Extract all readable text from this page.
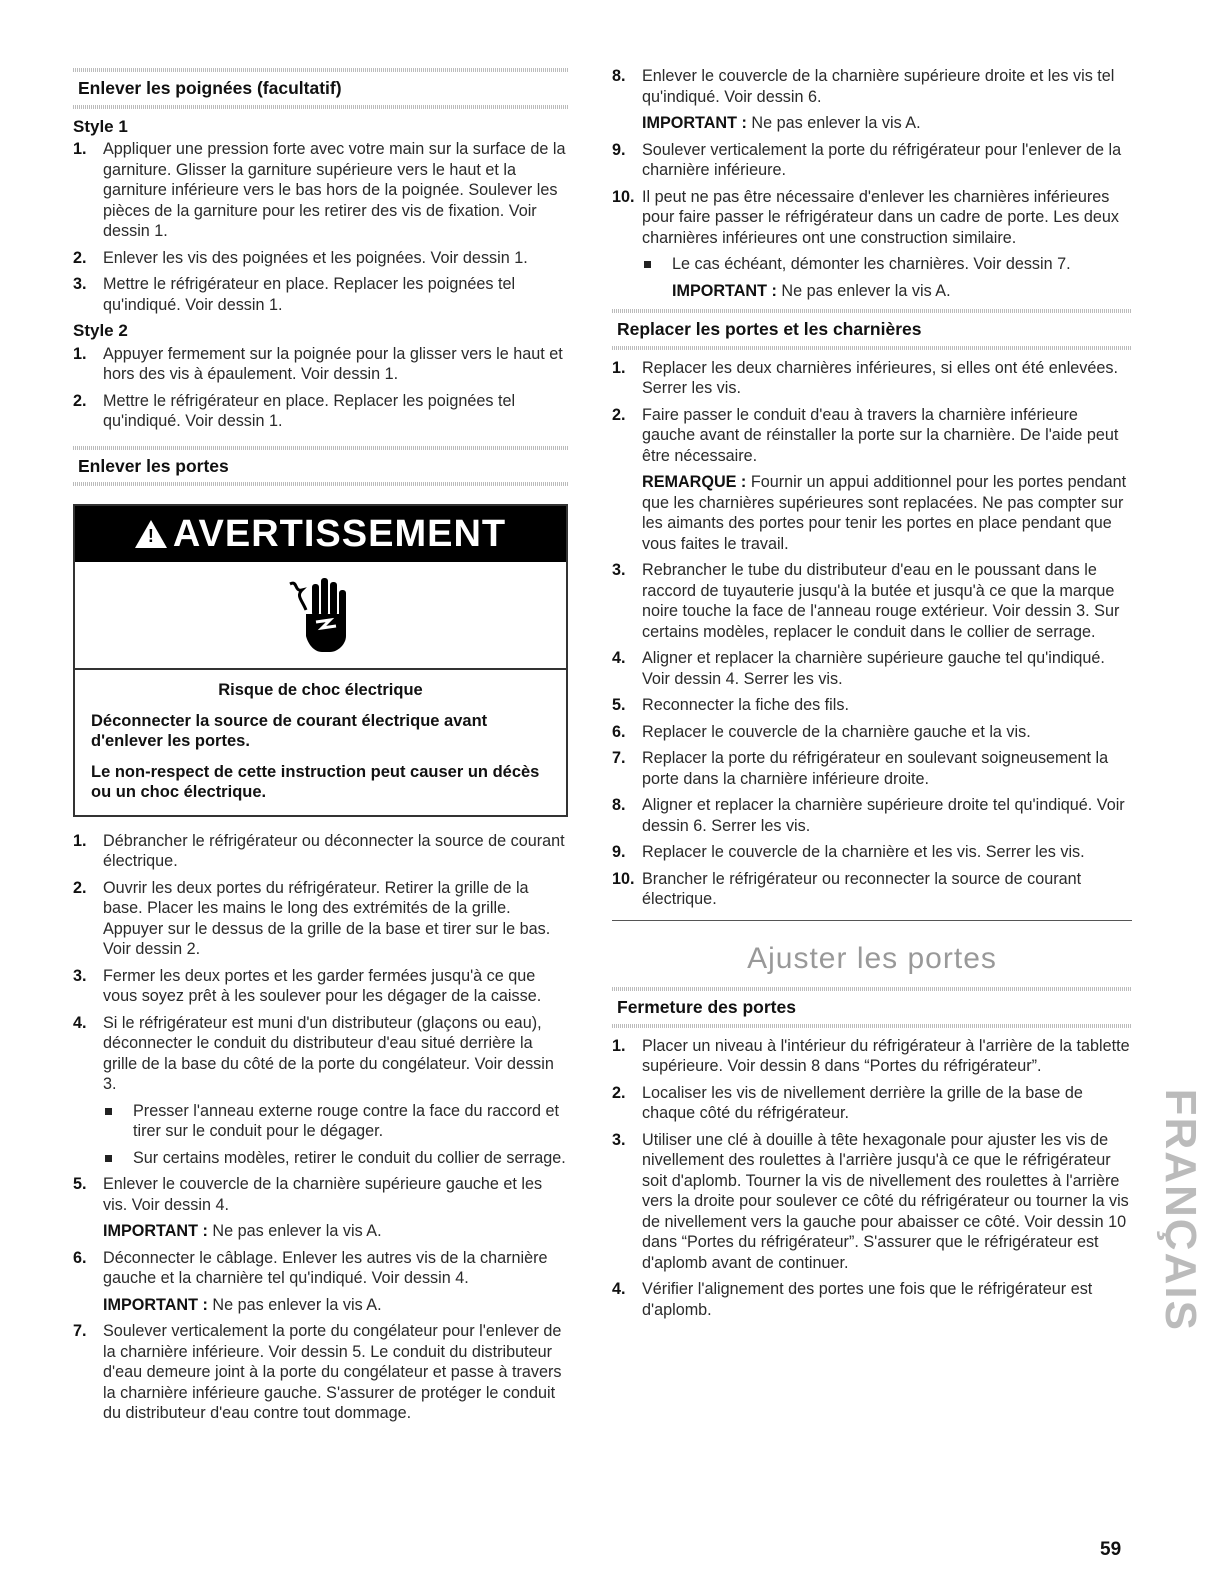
Enlever les poignées (facultatif)
Style 1
1. Appliquer une pression forte avec votre main sur la surface de la garniture. Glisser la garniture supérieure vers le haut et la garniture inférieure vers le bas hors de la poignée. Soulever les pièces de la garniture pour les retirer des vis de fixation. Voir dessin 1.
2. Enlever les vis des poignées et les poignées. Voir dessin 1.
3. Mettre le réfrigérateur en place. Replacer les poignées tel qu'indiqué. Voir dessin 1.
Style 2
1. Appuyer fermement sur la poignée pour la glisser vers le haut et hors des vis à épaulement. Voir dessin 1.
2. Mettre le réfrigérateur en place. Replacer les poignées tel qu'indiqué. Voir dessin 1.
Enlever les portes
! AVERTISSEMENT
Risque de choc électrique

Déconnecter la source de courant électrique avant d'enlever les portes.

Le non-respect de cette instruction peut causer un décès ou un choc électrique.

1. Débrancher le réfrigérateur ou déconnecter la source de courant électrique.
2. Ouvrir les deux portes du réfrigérateur. Retirer la grille de la base. Placer les mains le long des extrémités de la grille. Appuyer sur le dessus de la grille de la base et tirer sur le bas. Voir dessin 2.
3. Fermer les deux portes et les garder fermées jusqu'à ce que vous soyez prêt à les soulever pour les dégager de la caisse.
4. Si le réfrigérateur est muni d'un distributeur (glaçons ou eau), déconnecter le conduit du distributeur d'eau situé derrière la grille de la base du côté de la porte du congélateur. Voir dessin 3.
Presser l'anneau externe rouge contre la face du raccord et tirer sur le conduit pour le dégager.
Sur certains modèles, retirer le conduit du collier de serrage.
5. Enlever le couvercle de la charnière supérieure gauche et les vis. Voir dessin 4.
IMPORTANT : Ne pas enlever la vis A.
6. Déconnecter le câblage. Enlever les autres vis de la charnière gauche et la charnière tel qu'indiqué. Voir dessin 4.
IMPORTANT : Ne pas enlever la vis A.
7. Soulever verticalement la porte du congélateur pour l'enlever de la charnière inférieure. Voir dessin 5. Le conduit du distributeur d'eau demeure joint à la porte du congélateur et passe à travers la charnière inférieure gauche. S'assurer de protéger le conduit du distributeur d'eau contre tout dommage.
8. Enlever le couvercle de la charnière supérieure droite et les vis tel qu'indiqué. Voir dessin 6.
IMPORTANT : Ne pas enlever la vis A.
9. Soulever verticalement la porte du réfrigérateur pour l'enlever de la charnière inférieure.
10. Il peut ne pas être nécessaire d'enlever les charnières inférieures pour faire passer le réfrigérateur dans un cadre de porte. Les deux charnières inférieures ont une construction similaire.
Le cas échéant, démonter les charnières. Voir dessin 7.
IMPORTANT : Ne pas enlever la vis A.
Replacer les portes et les charnières
1. Replacer les deux charnières inférieures, si elles ont été enlevées. Serrer les vis.
2. Faire passer le conduit d'eau à travers la charnière inférieure gauche avant de réinstaller la porte sur la charnière. De l'aide peut être nécessaire.
REMARQUE : Fournir un appui additionnel pour les portes pendant que les charnières supérieures sont replacées. Ne pas compter sur les aimants des portes pour tenir les portes en place pendant que vous faites le travail.
3. Rebrancher le tube du distributeur d'eau en le poussant dans le raccord de tuyauterie jusqu'à la butée et jusqu'à ce que la marque noire touche la face de l'anneau rouge extérieur. Voir dessin 3. Sur certains modèles, replacer le conduit dans le collier de serrage.
4. Aligner et replacer la charnière supérieure gauche tel qu'indiqué. Voir dessin 4. Serrer les vis.
5. Reconnecter la fiche des fils.
6. Replacer le couvercle de la charnière gauche et la vis.
7. Replacer la porte du réfrigérateur en soulevant soigneusement la porte dans la charnière inférieure droite.
8. Aligner et replacer la charnière supérieure droite tel qu'indiqué. Voir dessin 6. Serrer les vis.
9. Replacer le couvercle de la charnière et les vis. Serrer les vis.
10. Brancher le réfrigérateur ou reconnecter la source de courant électrique.
Ajuster les portes
Fermeture des portes
1. Placer un niveau à l'intérieur du réfrigérateur à l'arrière de la tablette supérieure. Voir dessin 8 dans “Portes du réfrigérateur”.
2. Localiser les vis de nivellement derrière la grille de la base de chaque côté du réfrigérateur.
3. Utiliser une clé à douille à tête hexagonale pour ajuster les vis de nivellement des roulettes à l'arrière jusqu'à ce que le réfrigérateur soit d'aplomb. Tourner la vis de nivellement des roulettes à l'arrière vers la droite pour soulever ce côté du réfrigérateur ou tourner la vis de nivellement vers la gauche pour abaisser ce côté. Voir dessin 10 dans “Portes du réfrigérateur”. S'assurer que le réfrigérateur est d'aplomb avant de continuer.
4. Vérifier l'alignement des portes une fois que le réfrigérateur est d'aplomb.	FRANÇAIS
59
